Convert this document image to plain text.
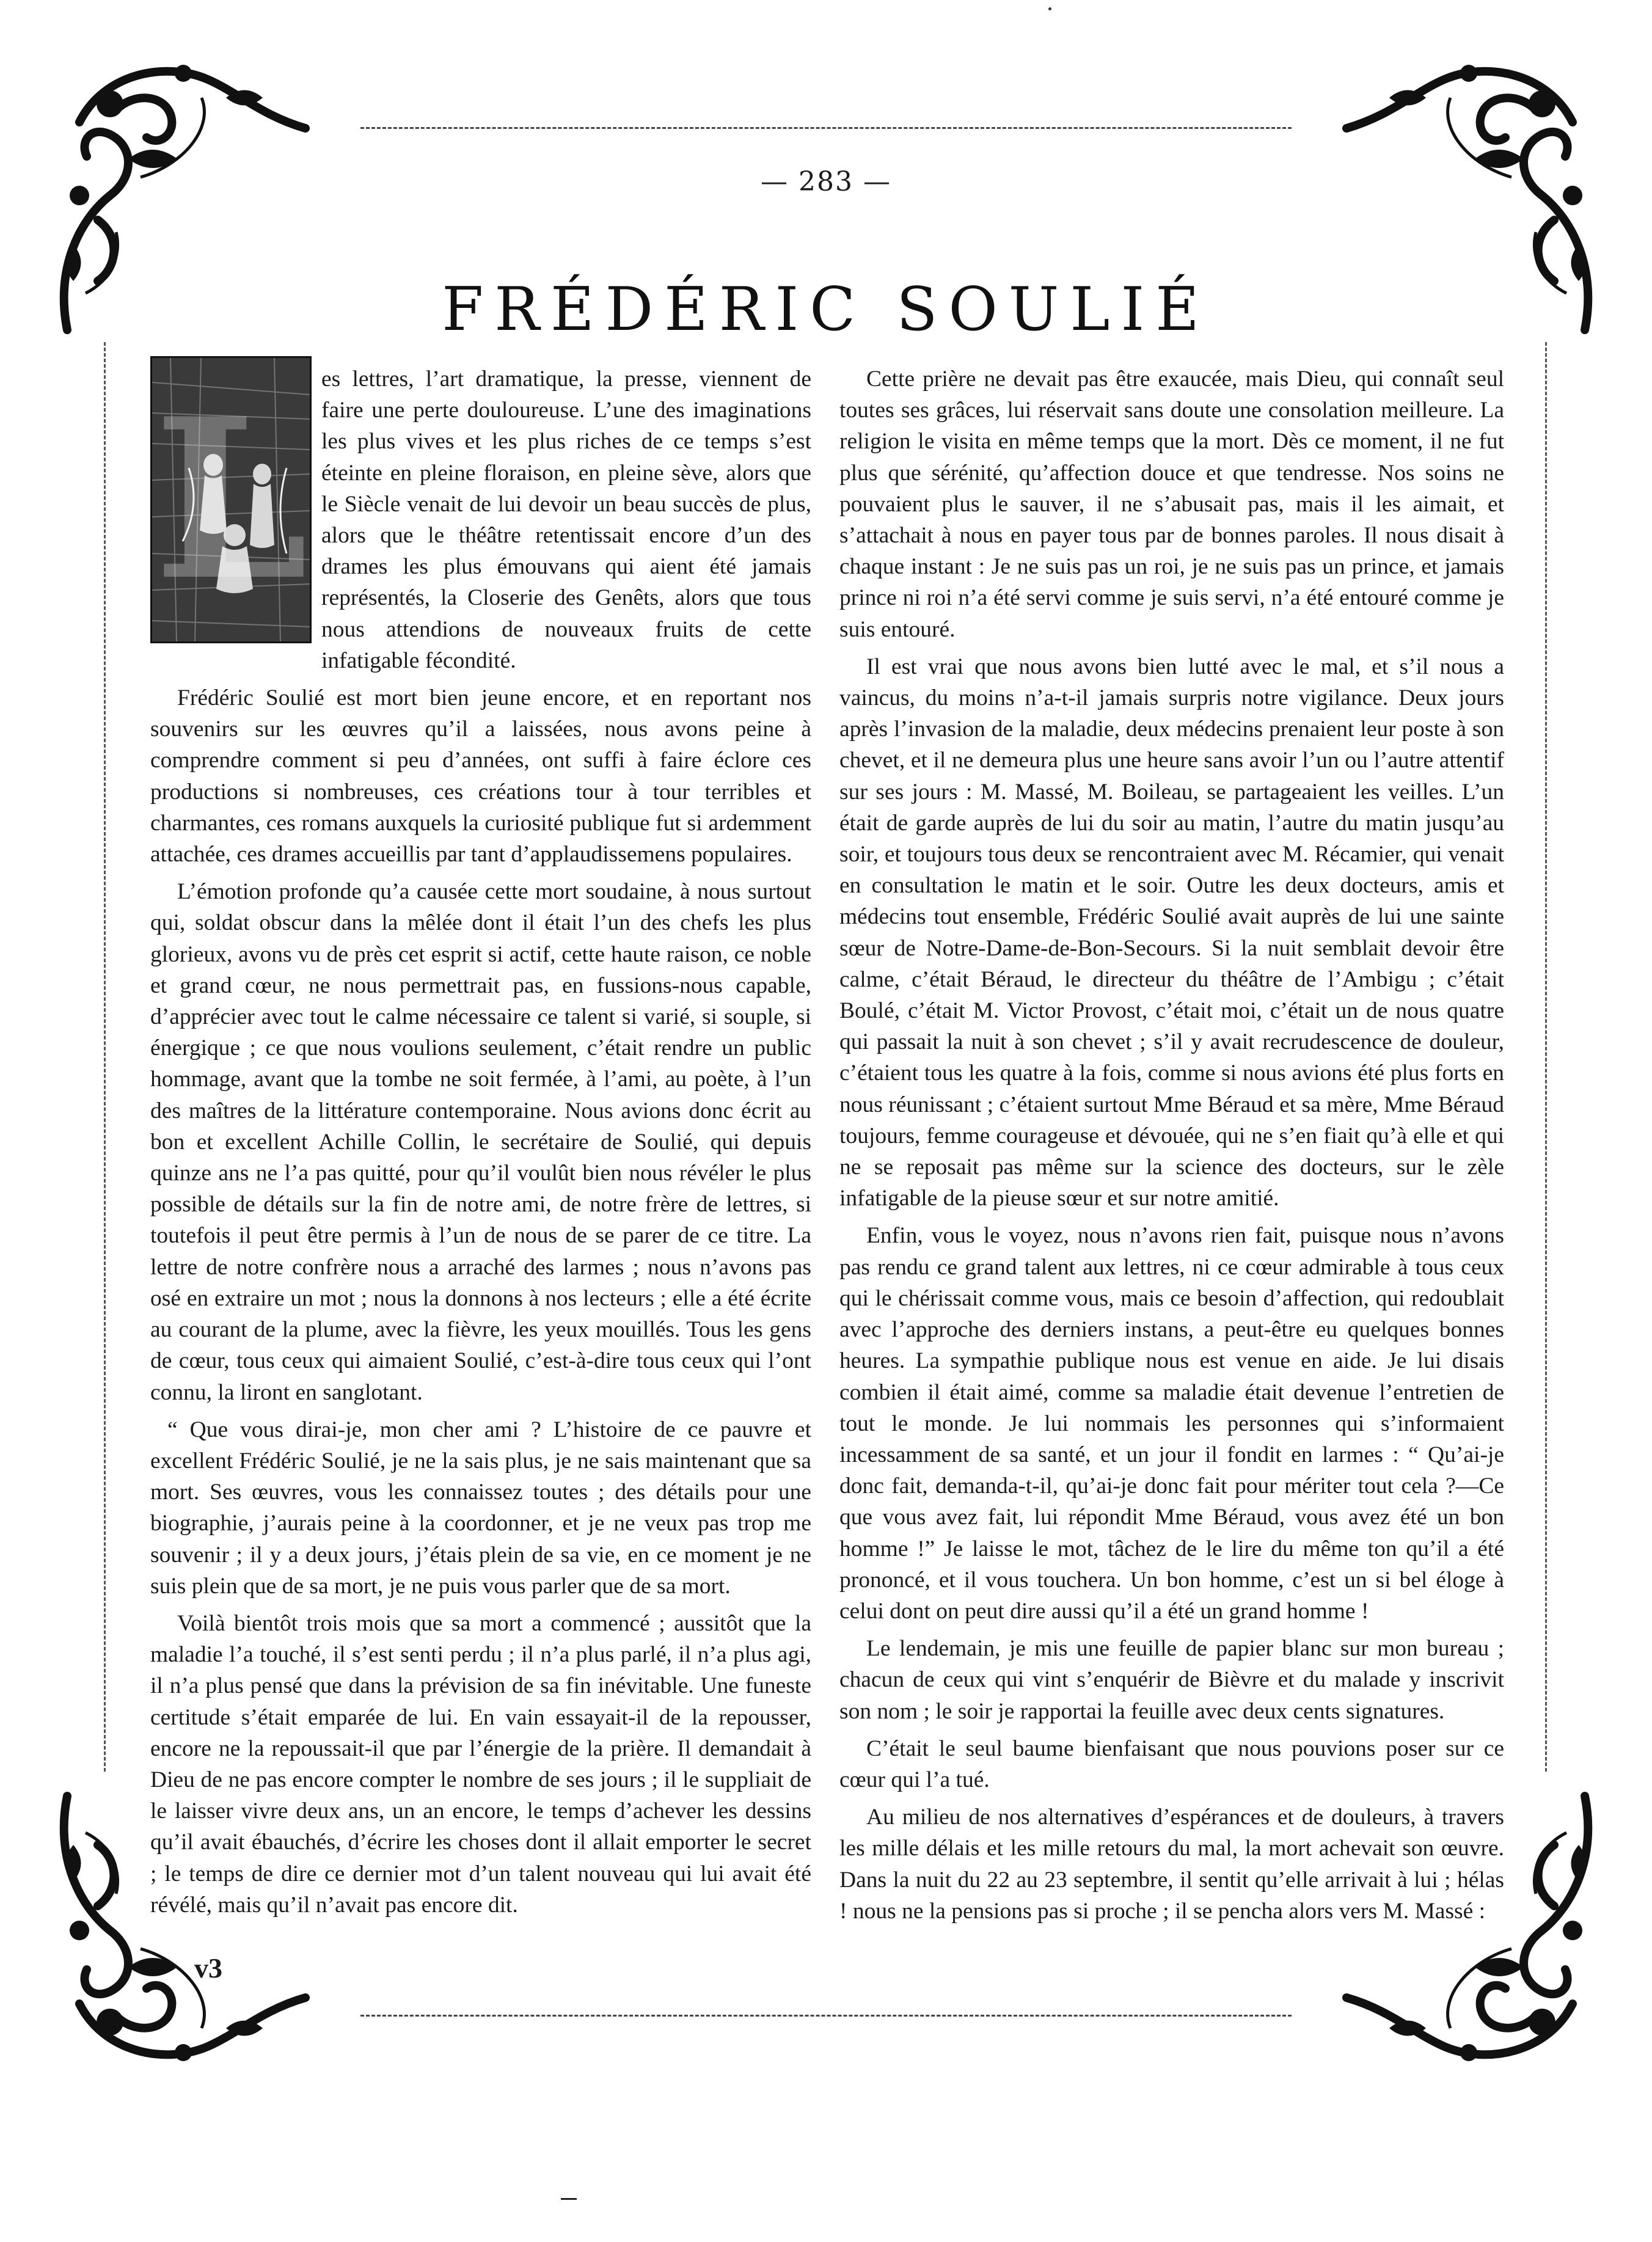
— 283 —
FRÉDÉRIC SOULIÉ
L es lettres, l’art dramatique, la presse, viennent de faire une perte douloureuse. L’une des imaginations les plus vives et les plus riches de ce temps s’est éteinte en pleine floraison, en pleine sève, alors que le Siècle venait de lui devoir un beau succès de plus, alors que le théâtre retentissait encore d’un des drames les plus émouvans qui aient été jamais représentés, la Closerie des Genêts, alors que tous nous attendions de nouveaux fruits de cette infatigable fécondité.

Frédéric Soulié est mort bien jeune encore, et en reportant nos souvenirs sur les œuvres qu’il a laissées, nous avons peine à comprendre comment si peu d’années, ont suffi à faire éclore ces productions si nombreuses, ces créations tour à tour terribles et charmantes, ces romans auxquels la curiosité publique fut si ardemment attachée, ces drames accueillis par tant d’applaudissemens populaires.

L’émotion profonde qu’a causée cette mort soudaine, à nous surtout qui, soldat obscur dans la mêlée dont il était l’un des chefs les plus glorieux, avons vu de près cet esprit si actif, cette haute raison, ce noble et grand cœur, ne nous permettrait pas, en fussions-nous capable, d’apprécier avec tout le calme nécessaire ce talent si varié, si souple, si énergique ; ce que nous voulions seulement, c’était rendre un public hommage, avant que la tombe ne soit fermée, à l’ami, au poète, à l’un des maîtres de la littérature contemporaine. Nous avions donc écrit au bon et excellent Achille Collin, le secrétaire de Soulié, qui depuis quinze ans ne l’a pas quitté, pour qu’il voulût bien nous révéler le plus possible de détails sur la fin de notre ami, de notre frère de lettres, si toutefois il peut être permis à l’un de nous de se parer de ce titre. La lettre de notre confrère nous a arraché des larmes ; nous n’avons pas osé en extraire un mot ; nous la donnons à nos lecteurs ; elle a été écrite au courant de la plume, avec la fièvre, les yeux mouillés. Tous les gens de cœur, tous ceux qui aimaient Soulié, c’est-à-dire tous ceux qui l’ont connu, la liront en sanglotant.

“ Que vous dirai-je, mon cher ami ? L’histoire de ce pauvre et excellent Frédéric Soulié, je ne la sais plus, je ne sais maintenant que sa mort. Ses œuvres, vous les connaissez toutes ; des détails pour une biographie, j’aurais peine à la coordonner, et je ne veux pas trop me souvenir ; il y a deux jours, j’étais plein de sa vie, en ce moment je ne suis plein que de sa mort, je ne puis vous parler que de sa mort.

Voilà bientôt trois mois que sa mort a commencé ; aussitôt que la maladie l’a touché, il s’est senti perdu ; il n’a plus parlé, il n’a plus agi, il n’a plus pensé que dans la prévision de sa fin inévitable. Une funeste certitude s’était emparée de lui. En vain essayait-il de la repousser, encore ne la repoussait-il que par l’énergie de la prière. Il demandait à Dieu de ne pas encore compter le nombre de ses jours ; il le suppliait de le laisser vivre deux ans, un an encore, le temps d’achever les dessins qu’il avait ébauchés, d’écrire les choses dont il allait emporter le secret ; le temps de dire ce dernier mot d’un talent nouveau qui lui avait été révélé, mais qu’il n’avait pas encore dit.

Cette prière ne devait pas être exaucée, mais Dieu, qui connaît seul toutes ses grâces, lui réservait sans doute une consolation meilleure. La religion le visita en même temps que la mort. Dès ce moment, il ne fut plus que sérénité, qu’affection douce et que tendresse. Nos soins ne pouvaient plus le sauver, il ne s’abusait pas, mais il les aimait, et s’attachait à nous en payer tous par de bonnes paroles. Il nous disait à chaque instant : Je ne suis pas un roi, je ne suis pas un prince, et jamais prince ni roi n’a été servi comme je suis servi, n’a été entouré comme je suis entouré.

Il est vrai que nous avons bien lutté avec le mal, et s’il nous a vaincus, du moins n’a-t-il jamais surpris notre vigilance. Deux jours après l’invasion de la maladie, deux médecins prenaient leur poste à son chevet, et il ne demeura plus une heure sans avoir l’un ou l’autre attentif sur ses jours : M. Massé, M. Boileau, se partageaient les veilles. L’un était de garde auprès de lui du soir au matin, l’autre du matin jusqu’au soir, et toujours tous deux se rencontraient avec M. Récamier, qui venait en consultation le matin et le soir. Outre les deux docteurs, amis et médecins tout ensemble, Frédéric Soulié avait auprès de lui une sainte sœur de Notre-Dame-de-Bon-Secours. Si la nuit semblait devoir être calme, c’était Béraud, le directeur du théâtre de l’Ambigu ; c’était Boulé, c’était M. Victor Provost, c’était moi, c’était un de nous quatre qui passait la nuit à son chevet ; s’il y avait recrudescence de douleur, c’étaient tous les quatre à la fois, comme si nous avions été plus forts en nous réunissant ; c’étaient surtout Mme Béraud et sa mère, Mme Béraud toujours, femme courageuse et dévouée, qui ne s’en fiait qu’à elle et qui ne se reposait pas même sur la science des docteurs, sur le zèle infatigable de la pieuse sœur et sur notre amitié.

Enfin, vous le voyez, nous n’avons rien fait, puisque nous n’avons pas rendu ce grand talent aux lettres, ni ce cœur admirable à tous ceux qui le chérissait comme vous, mais ce besoin d’affection, qui redoublait avec l’approche des derniers instans, a peut-être eu quelques bonnes heures. La sympathie publique nous est venue en aide. Je lui disais combien il était aimé, comme sa maladie était devenue l’entretien de tout le monde. Je lui nommais les personnes qui s’informaient incessamment de sa santé, et un jour il fondit en larmes : “ Qu’ai-je donc fait, demanda-t-il, qu’ai-je donc fait pour mériter tout cela ?—Ce que vous avez fait, lui répondit Mme Béraud, vous avez été un bon homme !” Je laisse le mot, tâchez de le lire du même ton qu’il a été prononcé, et il vous touchera. Un bon homme, c’est un si bel éloge à celui dont on peut dire aussi qu’il a été un grand homme !

Le lendemain, je mis une feuille de papier blanc sur mon bureau ; chacun de ceux qui vint s’enquérir de Bièvre et du malade y inscrivit son nom ; le soir je rapportai la feuille avec deux cents signatures.

C’était le seul baume bienfaisant que nous pouvions poser sur ce cœur qui l’a tué.

Au milieu de nos alternatives d’espérances et de douleurs, à travers les mille délais et les mille retours du mal, la mort achevait son œuvre. Dans la nuit du 22 au 23 septembre, il sentit qu’elle arrivait à lui ; hélas ! nous ne la pensions pas si proche ; il se pencha alors vers M. Massé :

v3
